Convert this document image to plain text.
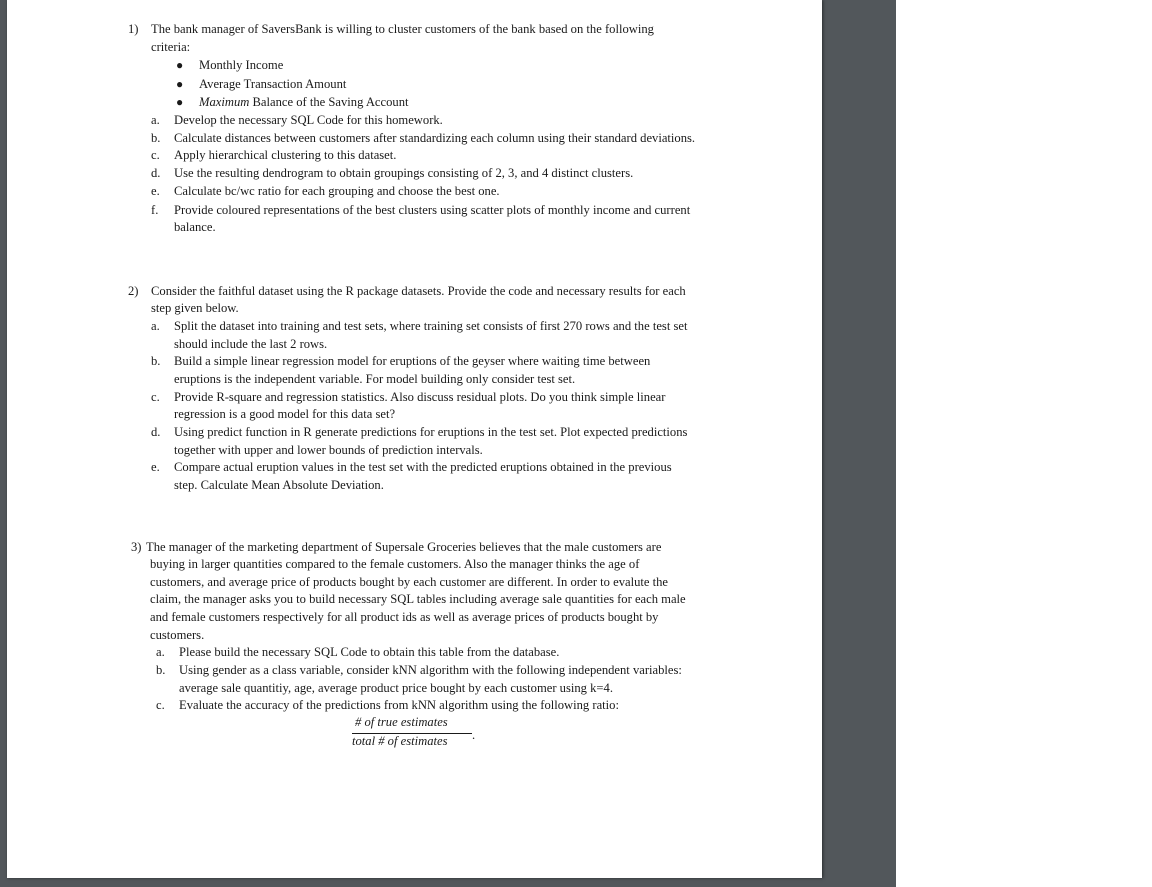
1) The bank manager of SaversBank is willing to cluster customers of the bank based on the following
criteria:
● Monthly Income
● Average Transaction Amount
● Maximum Balance of the Saving Account
a. Develop the necessary SQL Code for this homework.
b. Calculate distances between customers after standardizing each column using their standard deviations.
c. Apply hierarchical clustering to this dataset.
d. Use the resulting dendrogram to obtain groupings consisting of 2, 3, and 4 distinct clusters.
e. Calculate bc/wc ratio for each grouping and choose the best one.
f. Provide coloured representations of the best clusters using scatter plots of monthly income and current
balance.
2) Consider the faithful dataset using the R package datasets. Provide the code and necessary results for each
step given below.
a. Split the dataset into training and test sets, where training set consists of first 270 rows and the test set
should include the last 2 rows.
b. Build a simple linear regression model for eruptions of the geyser where waiting time between
eruptions is the independent variable. For model building only consider test set.
c. Provide R-square and regression statistics. Also discuss residual plots. Do you think simple linear
regression is a good model for this data set?
d. Using predict function in R generate predictions for eruptions in the test set. Plot expected predictions
together with upper and lower bounds of prediction intervals.
e. Compare actual eruption values in the test set with the predicted eruptions obtained in the previous
step. Calculate Mean Absolute Deviation.
3) The manager of the marketing department of Supersale Groceries believes that the male customers are
buying in larger quantities compared to the female customers. Also the manager thinks the age of
customers, and average price of products bought by each customer are different. In order to evalute the
claim, the manager asks you to build necessary SQL tables including average sale quantities for each male
and female customers respectively for all product ids as well as average prices of products bought by
customers.
a. Please build the necessary SQL Code to obtain this table from the database.
b. Using gender as a class variable, consider kNN algorithm with the following independent variables:
average sale quantitiy, age, average product price bought by each customer using k=4.
c. Evaluate the accuracy of the predictions from kNN algorithm using the following ratio:
# of true estimates
total # of estimates .
